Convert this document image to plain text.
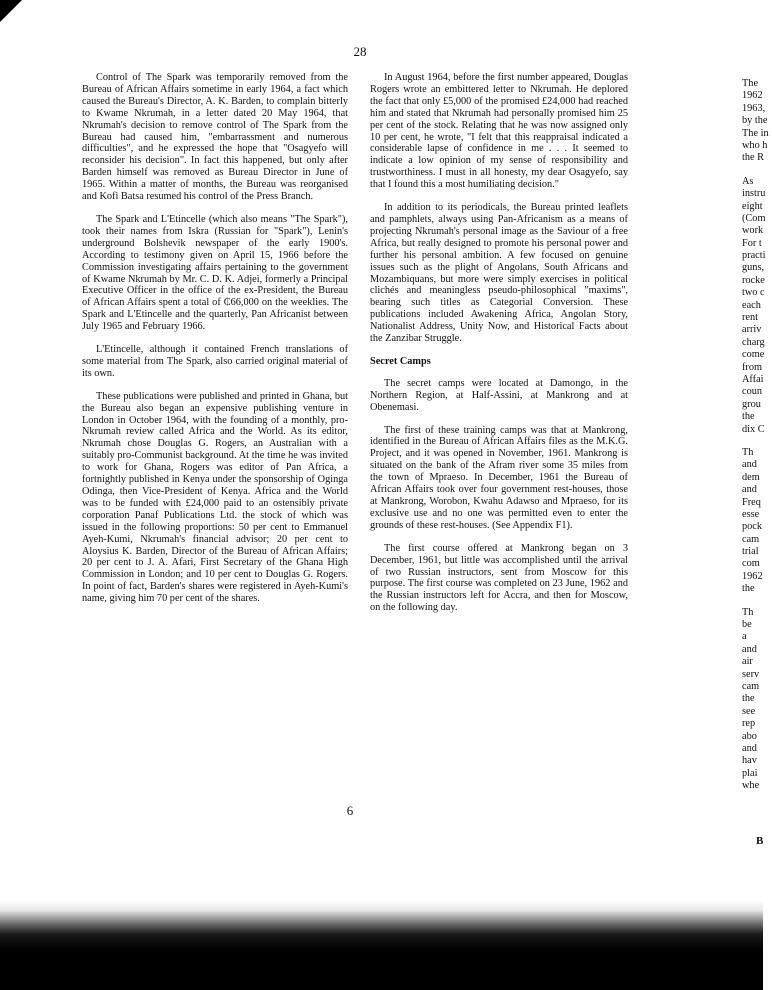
28

Control of The Spark was temporarily removed from the Bureau of African Affairs sometime in early 1964, a fact which caused the Bureau's Director, A. K. Barden, to complain bitterly to Kwame Nkrumah, in a letter dated 20 May 1964, that Nkrumah's decision to remove control of The Spark from the Bureau had caused him, "embarrassment and numerous difficulties", and he expressed the hope that "Osagyefo will reconsider his decision". In fact this happened, but only after Barden himself was removed as Bureau Director in June of 1965. Within a matter of months, the Bureau was reorganised and Kofi Batsa resumed his control of the Press Branch.

The Spark and L'Etincelle (which also means "The Spark"), took their names from Iskra (Russian for "Spark"), Lenin's underground Bolshevik newspaper of the early 1900's. According to testimony given on April 15, 1966 before the Commission investigating affairs pertaining to the government of Kwame Nkrumah by Mr. C. D. K. Adjei, formerly a Principal Executive Officer in the office of the ex-President, the Bureau of African Affairs spent a total of ₵66,000 on the weeklies. The Spark and L'Etincelle and the quarterly, Pan Africanist between July 1965 and February 1966.

L'Etincelle, although it contained French translations of some material from The Spark, also carried original material of its own.

These publications were published and printed in Ghana, but the Bureau also began an expensive publishing venture in London in October 1964, with the founding of a monthly, pro-Nkrumah review called Africa and the World. As its editor, Nkrumah chose Douglas G. Rogers, an Australian with a suitably pro-Communist background. At the time he was invited to work for Ghana, Rogers was editor of Pan Africa, a fortnightly published in Kenya under the sponsorship of Oginga Odinga, then Vice-President of Kenya. Africa and the World was to be funded with £24,000 paid to an ostensibly private corporation Panaf Publications Ltd. the stock of which was issued in the following proportions: 50 per cent to Emmanuel Ayeh-Kumi, Nkrumah's financial advisor; 20 per cent to Aloysius K. Barden, Director of the Bureau of African Affairs; 20 per cent to J. A. Afari, First Secretary of the Ghana High Commission in London; and 10 per cent to Douglas G. Rogers. In point of fact, Barden's shares were registered in Ayeh-Kumi's name, giving him 70 per cent of the shares.

In August 1964, before the first number appeared, Douglas Rogers wrote an embittered letter to Nkrumah. He deplored the fact that only £5,000 of the promised £24,000 had reached him and stated that Nkrumah had personally promised him 25 per cent of the stock. Relating that he was now assigned only 10 per cent, he wrote, "I felt that this reappraisal indicated a considerable lapse of confidence in me . . . It seemed to indicate a low opinion of my sense of responsibility and trustworthiness. I must in all honesty, my dear Osagyefo, say that I found this a most humiliating decision."

In addition to its periodicals, the Bureau printed leaflets and pamphlets, always using Pan-Africanism as a means of projecting Nkrumah's personal image as the Saviour of a free Africa, but really designed to promote his personal power and further his personal ambition. A few focused on genuine issues such as the plight of Angolans, South Africans and Mozambiquans, but more were simply exercises in political clichés and meaningless pseudo-philosophical "maxims", bearing such titles as Categorial Conversion. These publications included Awakening Africa, Angolan Story, Nationalist Address, Unity Now, and Historical Facts about the Zanzibar Struggle.

Secret Camps

The secret camps were located at Damongo, in the Northern Region, at Half-Assini, at Mankrong and at Obenemasi.

The first of these training camps was that at Mankrong, identified in the Bureau of African Affairs files as the M.K.G. Project, and it was opened in November, 1961. Mankrong is situated on the bank of the Afram river some 35 miles from the town of Mpraeso. In December, 1961 the Bureau of African Affairs took over four government rest-houses, those at Mankrong, Worobon, Kwahu Adawso and Mpraeso, for its exclusive use and no one was permitted even to enter the grounds of these rest-houses. (See Appendix F1).

The first course offered at Mankrong began on 3 December, 1961, but little was accomplished until the arrival of two Russian instructors, sent from Moscow for this purpose. The first course was completed on 23 June, 1962 and the Russian instructors left for Accra, and then for Moscow, on the following day.

The
1962
1963,
by the
The in
who h
the R
As
instru
eight
(Com
work
For t
practi
guns,
rocke
two c
each
rent
arriv
charg
come
from
Affai
coun
grou
the
dix C
Th
and
dem
and
Freq
esse
pock
cam
trial
com
1962
the
Th
be
a
and
air
serv
cam
the
see
rep
abo
and
hav
plai
whe
6
B
